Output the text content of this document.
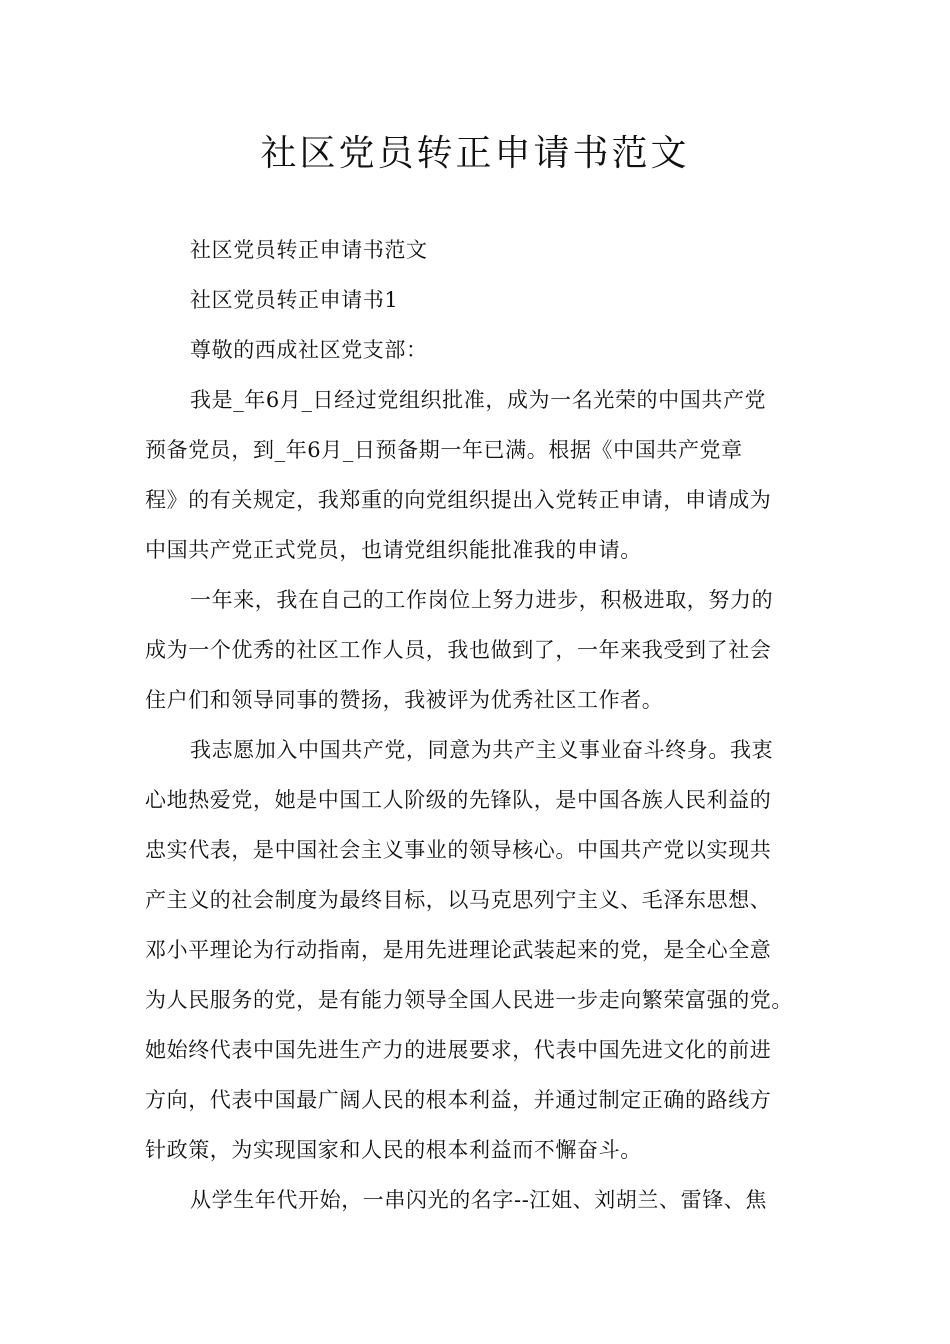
社区党员转正申请书范文
社区党员转正申请书范文
社区党员转正申请书1
尊敬的西成社区党支部：
我是_年6月_日经过党组织批准，成为一名光荣的中国共产党
预备党员，到_年6月_日预备期一年已满。根据《中国共产党章
程》的有关规定，我郑重的向党组织提出入党转正申请，申请成为
中国共产党正式党员，也请党组织能批准我的申请。
一年来，我在自己的工作岗位上努力进步，积极进取，努力的
成为一个优秀的社区工作人员，我也做到了，一年来我受到了社会
住户们和领导同事的赞扬，我被评为优秀社区工作者。
我志愿加入中国共产党，同意为共产主义事业奋斗终身。我衷
心地热爱党，她是中国工人阶级的先锋队，是中国各族人民利益的
忠实代表，是中国社会主义事业的领导核心。中国共产党以实现共
产主义的社会制度为最终目标，以马克思列宁主义、毛泽东思想、
邓小平理论为行动指南，是用先进理论武装起来的党，是全心全意
为人民服务的党，是有能力领导全国人民进一步走向繁荣富强的党。
她始终代表中国先进生产力的进展要求，代表中国先进文化的前进
方向，代表中国最广阔人民的根本利益，并通过制定正确的路线方
针政策，为实现国家和人民的根本利益而不懈奋斗。
从学生年代开始，一串闪光的名字--江姐、刘胡兰、雷锋、焦
